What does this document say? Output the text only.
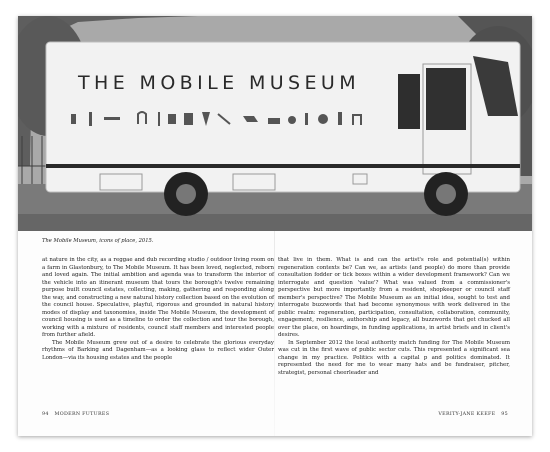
THE MOBILE MUSEUM
The Mobile Museum, icons of place, 2015.

at nature in the city, as a reggae and dub recording studio / outdoor living room on a farm in Glastonbury, to The Mobile Museum. It has been loved, neglected, reborn and loved again. The initial ambition and agenda was to transform the interior of the vehicle into an itinerant museum that tours the borough's twelve remaining purpose built council estates, collecting, making, gathering and responding along the way, and constructing a new natural history collection based on the evolution of the council house. Speculative, playful, rigorous and grounded in natural history modes of display and taxonomies, inside The Mobile Museum, the development of council housing is used as a timeline to order the collection and tour the borough, working with a mixture of residents, council staff members and interested people from further afield.

The Mobile Museum grew out of a desire to celebrate the glorious everyday rhythms of Barking and Dagenham—as a looking glass to reflect wider Outer London—via its housing estates and the people

that live in them. What is and can the artist's role and potential(s) within regeneration contexts be? Can we, as artists (and people) do more than provide consultation fodder or tick boxes within a wider development framework? Can we interrogate and question 'value'? What was valued from a commissioner's perspective but more importantly from a resident, shopkeeper or council staff member's perspective? The Mobile Museum as an initial idea, sought to test and interrogate buzzwords that had become synonymous with work delivered in the public realm: regeneration, participation, consultation, collaboration, community, engagement, resilience, authorship and legacy, all buzzwords that get chucked all over the place, on hoardings, in funding applications, in artist briefs and in client's desires.

In September 2012 the local authority match funding for The Mobile Museum was cut in the first wave of public sector cuts. This represented a significant sea change in my practice. Politics with a capital p and politics dominated. It represented the need for me to wear many hats and be fundraiser, pitcher, strategist, personal cheerleader and

94 MODERN FUTURES	VERITY-JANE KEEFE 95
